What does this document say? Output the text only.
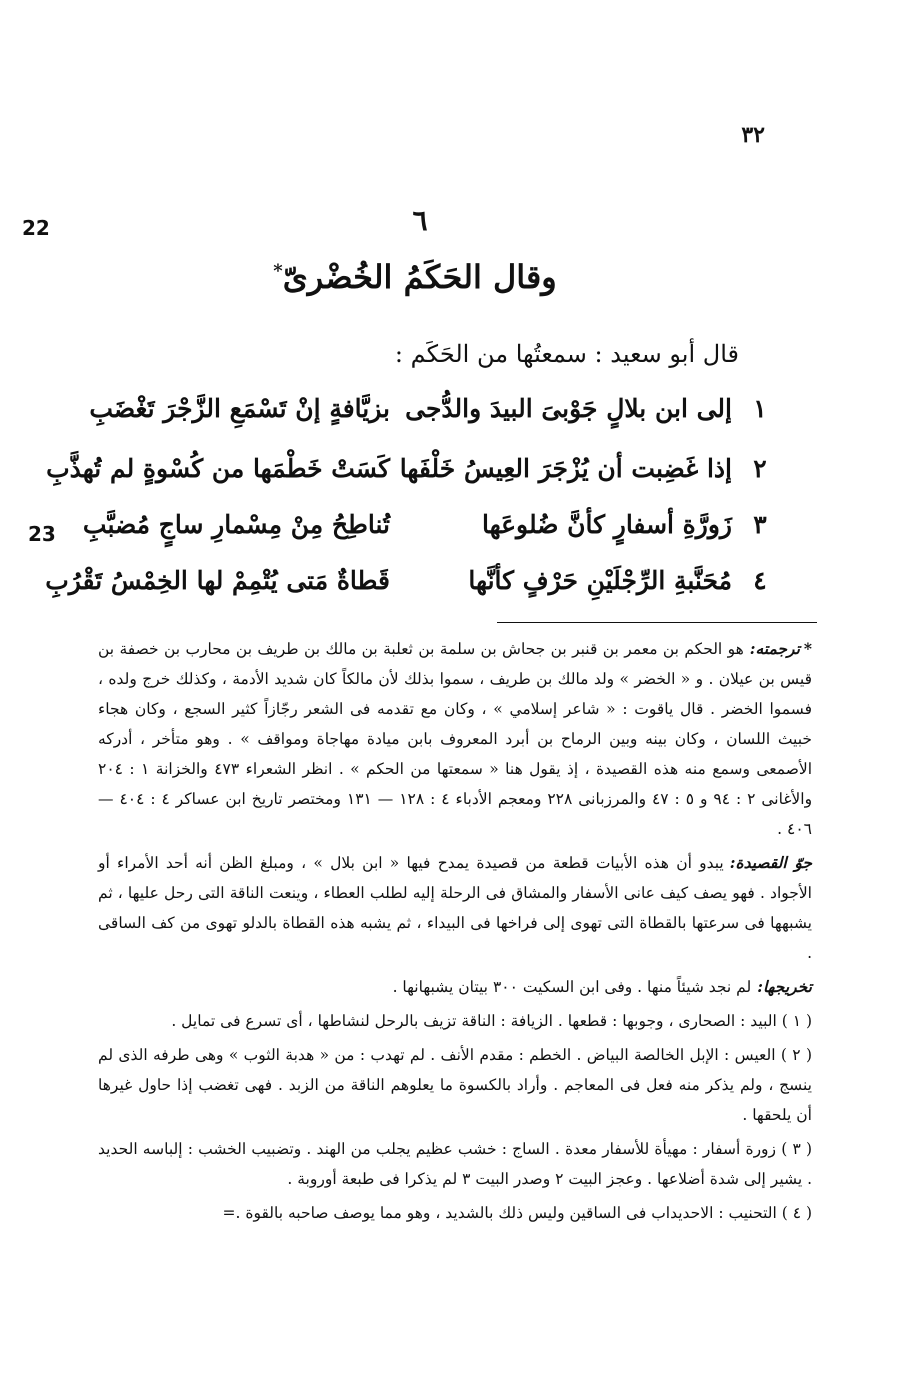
٣٢
22
23
٦
وقال الحَكَمُ الخُضْرىّ*
قال أبو سعيد : سمعتُها من الحَكَم :
١
إلى ابن بلالٍ جَوْبىَ البيدَ والدُّجى
بزيَّافةٍ إنْ تَسْمَعِ الزَّجْرَ تَغْضَبِ
٢
إذا غَضِبت أن يُزْجَرَ العِيسُ خَلْفَها
كَسَتْ خَطْمَها من كُسْوةٍ لم تُهذَّبِ
٣
زَورَّةِ أسفارٍ كأنَّ ضُلوعَها
تُناطِحُ مِنْ مِسْمارِ ساجٍ مُضبَّبِ
٤
مُحَنَّبةِ الرِّجْلَيْنِ حَرْفٍ كأنَّها
قَطاةٌ مَتى يُتْمِمْ لها الخِمْسُ تَقْرُبِ

*ترجمته:هو الحكم بن معمر بن قنبر بن جحاش بن سلمة بن ثعلبة بن مالك بن طريف بن محارب بن خصفة بن قيس بن عيلان . و « الخضر » ولد مالك بن طريف ، سموا بذلك لأن مالكاً كان شديد الأدمة ، وكذلك خرج ولده ، فسموا الخضر . قال ياقوت : « شاعر إسلامي » ، وكان مع تقدمه فى الشعر رجّازاً كثير السجع ، وكان هجاء خبيث اللسان ، وكان بينه وبين الرماح بن أبرد المعروف بابن ميادة مهاجاة ومواقف » . وهو متأخر ، أدركه الأصمعى وسمع منه هذه القصيدة ، إذ يقول هنا « سمعتها من الحكم » . انظر الشعراء ٤٧٣ والخزانة ١ : ٢٠٤ والأغانى ٢ : ٩٤ و ٥ : ٤٧ والمرزبانى ٢٢٨ ومعجم الأدباء ٤ : ١٢٨ — ١٣١ ومختصر تاريخ ابن عساكر ٤ : ٤٠٤ — ٤٠٦ .

جوّ القصيدة:يبدو أن هذه الأبيات قطعة من قصيدة يمدح فيها « ابن بلال » ، ومبلغ الظن أنه أحد الأمراء أو الأجواد . فهو يصف كيف عانى الأسفار والمشاق فى الرحلة إليه لطلب العطاء ، وينعت الناقة التى رحل عليها ، ثم يشبهها فى سرعتها بالقطاة التى تهوى إلى فراخها فى البيداء ، ثم يشبه هذه القطاة بالدلو تهوى من كف الساقى .

تخريجها:لم نجد شيئاً منها . وفى ابن السكيت ٣٠٠ بيتان يشبهانها .

( ١ ) البيد : الصحارى ، وجوبها : قطعها . الزيافة : الناقة تزيف بالرحل لنشاطها ، أى تسرع فى تمايل .

( ٢ ) العيس : الإبل الخالصة البياض . الخطم : مقدم الأنف . لم تهدب : من « هدبة الثوب » وهى طرفه الذى لم ينسج ، ولم يذكر منه فعل فى المعاجم . وأراد بالكسوة ما يعلوهم الناقة من الزبد . فهى تغضب إذا حاول غيرها أن يلحقها .

( ٣ ) زورة أسفار : مهيأة للأسفار معدة . الساج : خشب عظيم يجلب من الهند . وتضبيب الخشب : إلباسه الحديد . يشير إلى شدة أضلاعها . وعجز البيت ٢ وصدر البيت ٣ لم يذكرا فى طبعة أوروبة .

( ٤ ) التحنيب : الاحديداب فى الساقين وليس ذلك بالشديد ، وهو مما يوصف صاحبه بالقوة .=
